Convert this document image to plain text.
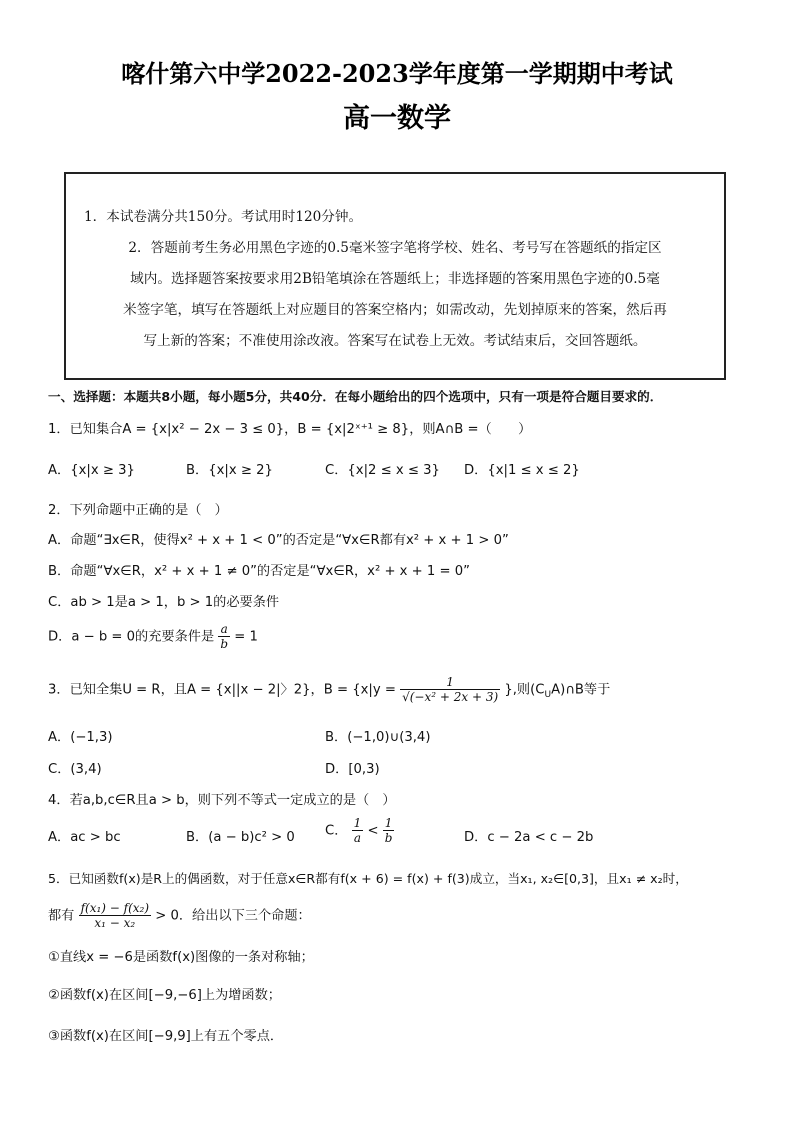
喀什第六中学2022-2023学年度第一学期期中考试
高一数学

1．本试卷满分共150分。考试用时120分钟。

2．答题前考生务必用黑色字迹的0.5毫米签字笔将学校、姓名、考号写在答题纸的指定区

域内。选择题答案按要求用2B铅笔填涂在答题纸上；非选择题的答案用黑色字迹的0.5毫

米签字笔，填写在答题纸上对应题目的答案空格内；如需改动，先划掉原来的答案，然后再

写上新的答案；不准使用涂改液。答案写在试卷上无效。考试结束后，交回答题纸。

一、选择题：本题共8小题，每小题5分，共40分．在每小题给出的四个选项中，只有一项是符合题目要求的．
1．已知集合A = {x|x² − 2x − 3 ≤ 0}，B = {x|2ˣ⁺¹ ≥ 8}，则A∩B =（　　）
A．{x|x ≥ 3}	B．{x|x ≥ 2}	C．{x|2 ≤ x ≤ 3} D．{x|1 ≤ x ≤ 2}
2．下列命题中正确的是（　）
A．命题“∃x∈R，使得x² + x + 1 < 0”的否定是“∀x∈R都有x² + x + 1 > 0”
B．命题“∀x∈R，x² + x + 1 ≠ 0”的否定是“∀x∈R，x² + x + 1 = 0”
C．ab > 1是a > 1，b > 1的必要条件
D．a − b = 0的充要条件是 $\frac{a}{b} = 1$
3．已知全集U = R，且A = {x||x − 2|〉2}，$B = \{x|y = \frac{1}{\text{√(−x² + 2x + 3)}}$ },则$(C_UA)\cap B$等于
A．(−1,3)	B．(−1,0)∪(3,4)
C．(3,4)	D．[0,3)
4．若a,b,c∈R且a > b，则下列不等式一定成立的是（　）
A．ac > bc	B．(a − b)c² > 0 C． $\frac{1}{a} < \frac{1}{b}$	D．c − 2a < c − 2b
5．已知函数f(x)是R上的偶函数，对于任意x∈R都有f(x + 6) = f(x) + f(3)成立，当x₁, x₂∈[0,3]，且x₁ ≠ x₂时，
都有 $\frac{\text{f(x₁) − f(x₂)}}{\text{x₁ − x₂}} > 0$．给出以下三个命题：
①直线x = −6是函数f(x)图像的一条对称轴；
②函数f(x)在区间[−9,−6]上为增函数；
③函数f(x)在区间[−9,9]上有五个零点．
